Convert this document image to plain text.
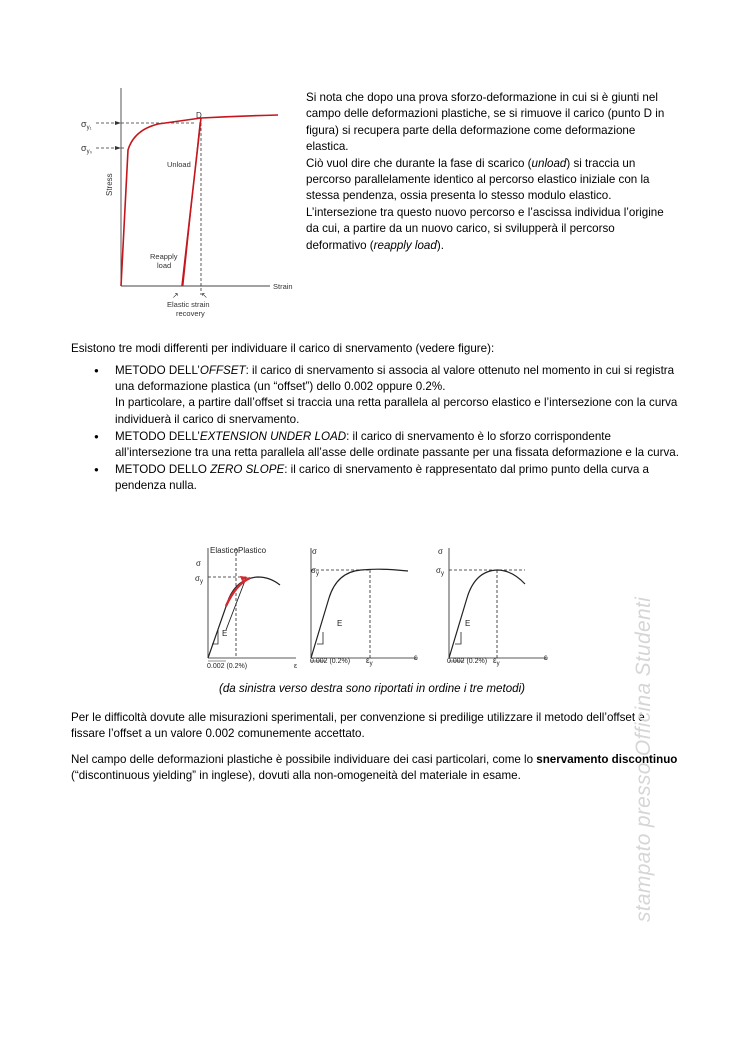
$\sigma_{y_1}$
$\sigma_{y_0}$
D
Stress
Strain
Unload
Reapply
load
↗	↖
Elastic strain
recovery

Si nota che dopo una prova sforzo-deformazione in cui si è giunti nel campo delle deformazioni plastiche, se si rimuove il carico (punto D in figura) si recupera parte della deformazione come deformazione elastica.

Ciò vuol dire che durante la fase di scarico (unload) si traccia un percorso parallelamente identico al percorso elastico iniziale con la stessa pendenza, ossia presenta lo stesso modulo elastico.

L’intersezione tra questo nuovo percorso e l’ascissa individua l’origine da cui, a partire da un nuovo carico, si svilupperà il percorso deformativo (reapply load).

Esistono tre modi differenti per individuare il carico di snervamento (vedere figure):

● METODO DELL’OFFSET: il carico di snervamento si associa al valore ottenuto nel momento in cui si registra una deformazione plastica (un “offset”) dello 0.002 oppure 0.2%.
In particolare, a partire dall’offset si traccia una retta parallela al percorso elastico e l’intersezione con la curva individuerà il carico di snervamento.
● METODO DELL’EXTENSION UNDER LOAD: il carico di snervamento è lo sforzo corrispondente all’intersezione tra una retta parallela all’asse delle ordinate passante per una fissata deformazione e la curva.
● METODO DELLO ZERO SLOPE: il carico di snervamento è rappresentato dal primo punto della curva a pendenza nulla.
Elastico Plastico
σ
$\sigma_y$
E
0.002 (0.2%)	ε
σ
$\sigma_y$
E
0.002 (0.2%) $\varepsilon_y$
ε
σ
$\sigma_y$
E
0.002 (0.2%) $\varepsilon_y$
ε

(da sinistra verso destra sono riportati in ordine i tre metodi)

Per le difficoltà dovute alle misurazioni sperimentali, per convenzione si predilige utilizzare il metodo dell’offset e fissare l’offset a un valore 0.002 comunemente accettato.

Nel campo delle deformazioni plastiche è possibile individuare dei casi particolari, come lo snervamento discontinuo (“discontinuous yielding” in inglese), dovuti alla non-omogeneità del materiale in esame.	stampato presso Officina Studenti
